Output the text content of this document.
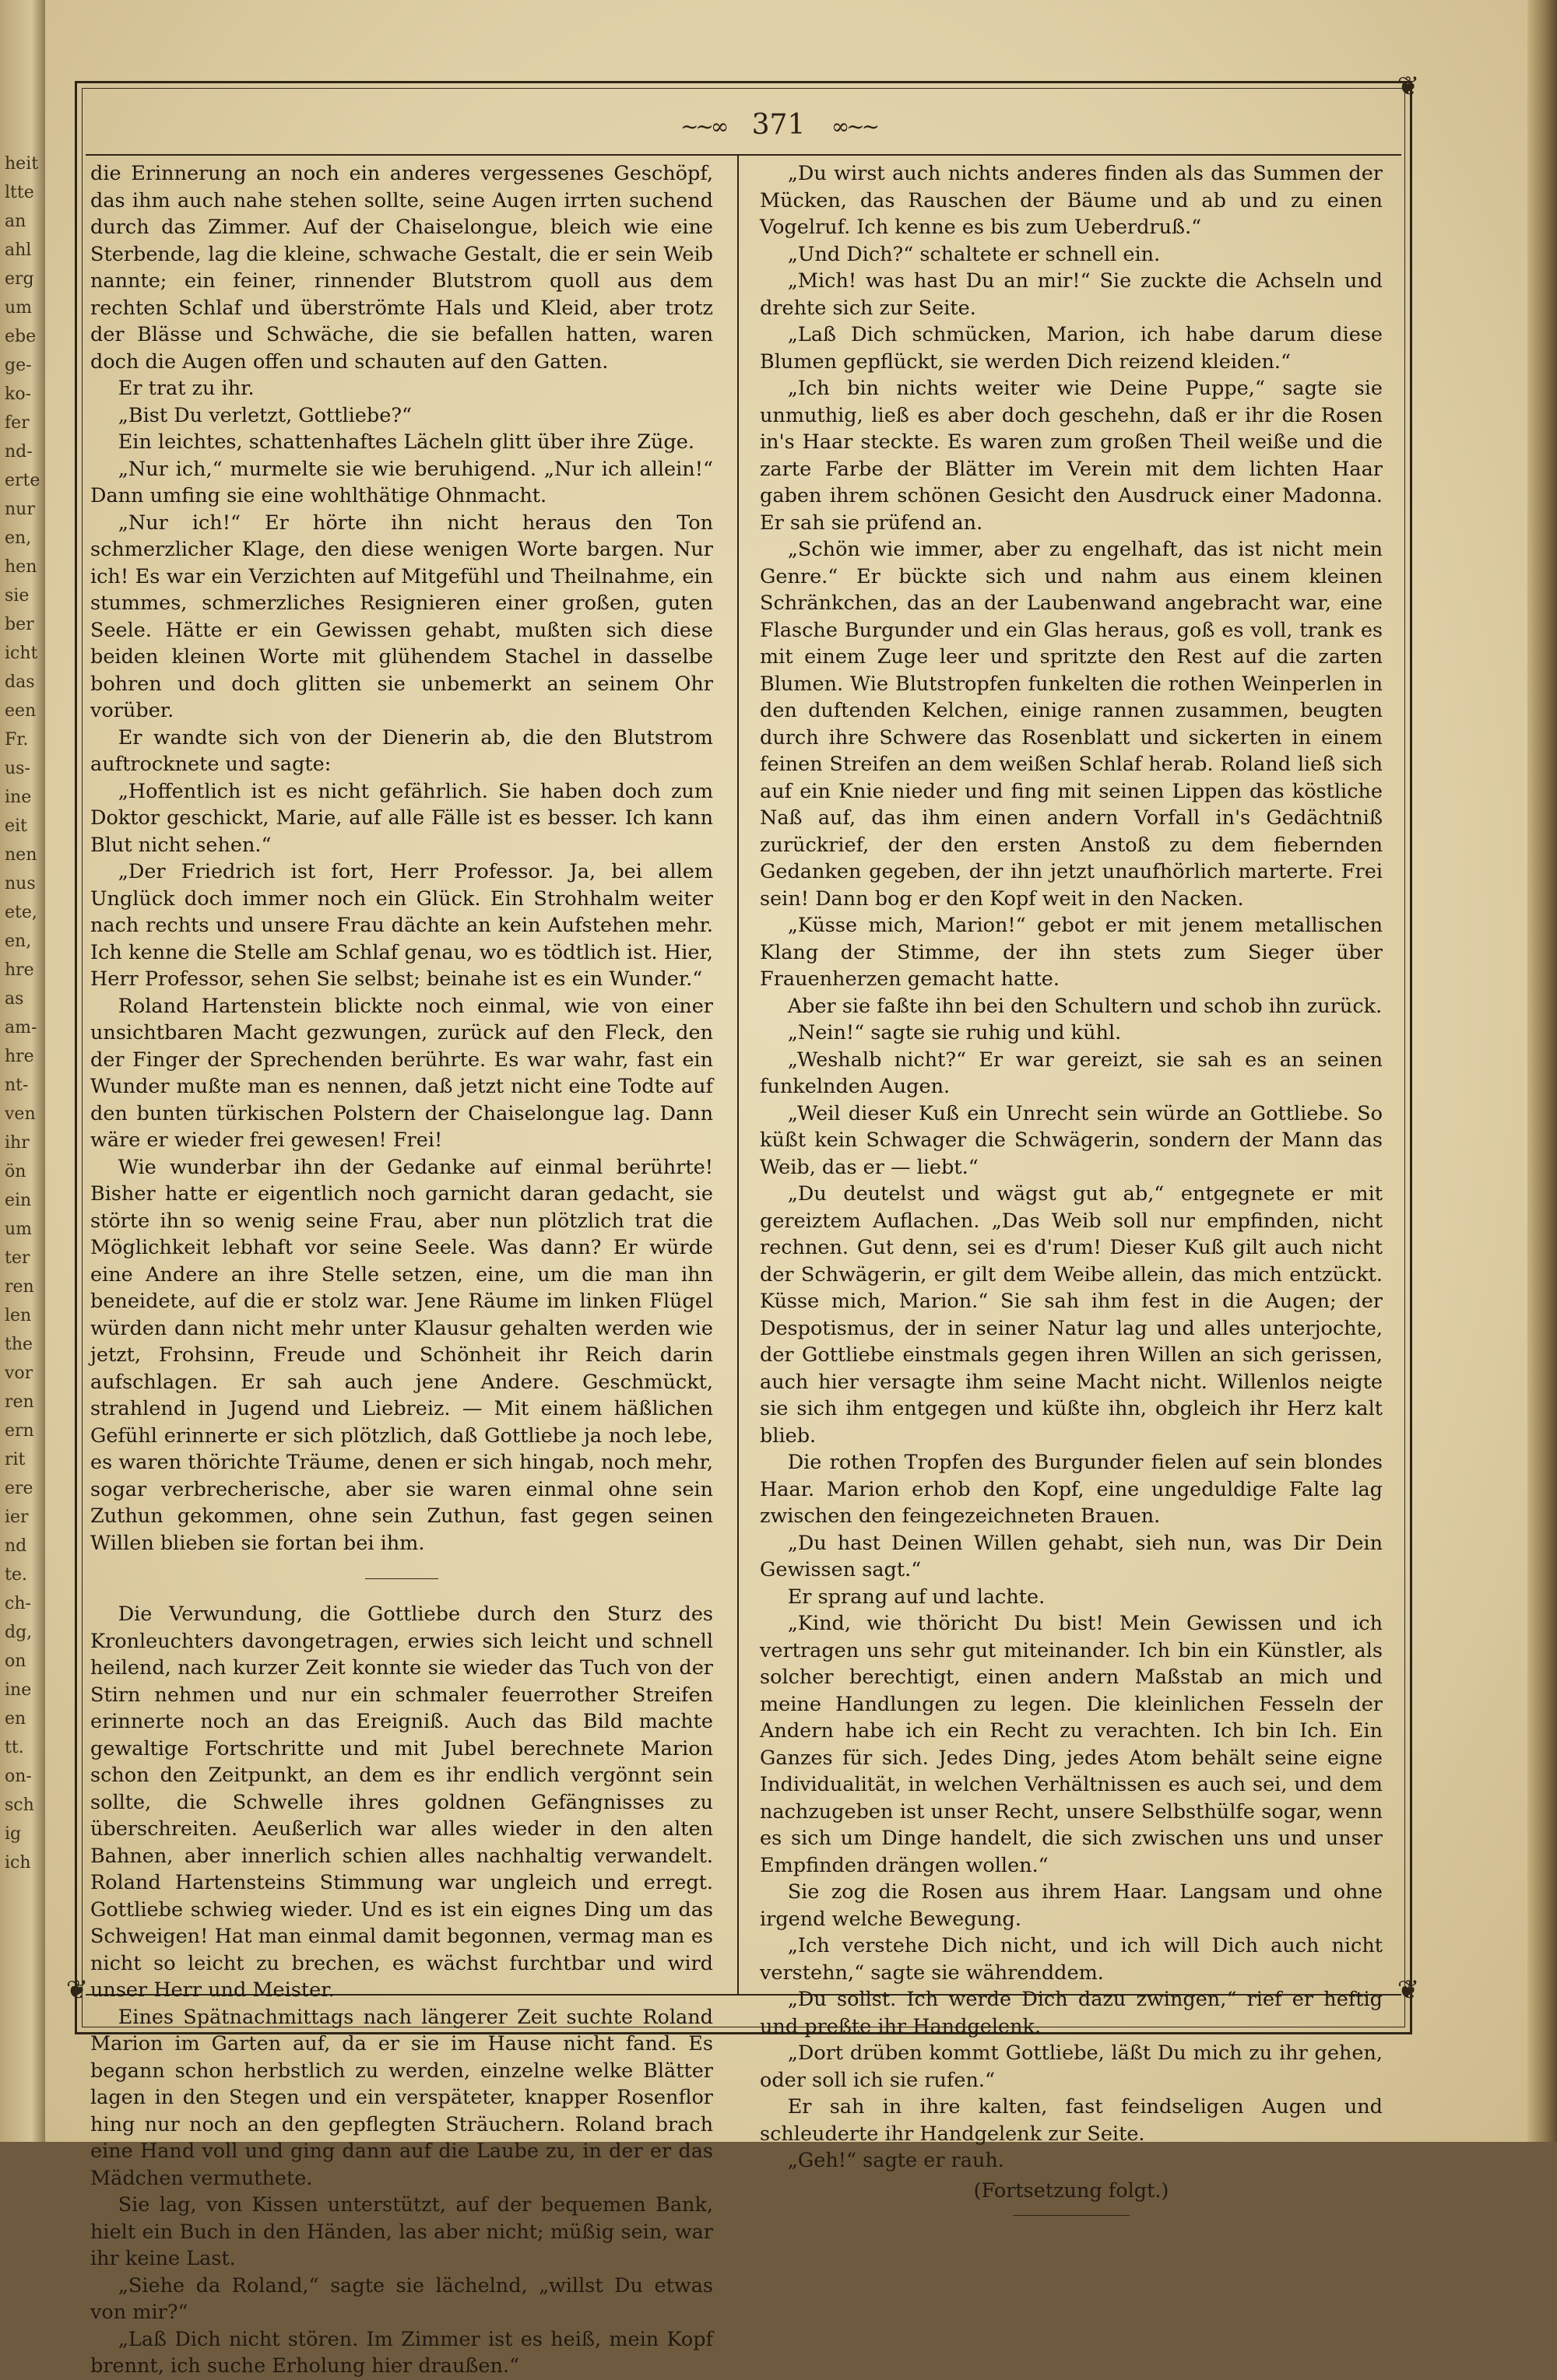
heit
ltte
an
ahl
erg
um
ebe
ge-
ko-
fer
nd-
erte
nur
en,
hen
sie
ber
icht
das
een
Fr.
us-
ine
eit
nen
nus
ete,
en,
hre
as
am-
hre
nt-
ven
ihr
ön
ein
um
ter
ren
len
the
vor
ren
ern
rit
ere
ier
nd
te.
ch-
dg,
on
ine
en
tt.
on-
sch
ig
ich
❦
❦
❦
~~∞ 371 ∞~~

die Erinnerung an noch ein anderes vergessenes Geschöpf, das ihm auch nahe stehen sollte, seine Augen irrten suchend durch das Zimmer. Auf der Chaiselongue, bleich wie eine Sterbende, lag die kleine, schwache Gestalt, die er sein Weib nannte; ein feiner, rinnender Blutstrom quoll aus dem rechten Schlaf und überströmte Hals und Kleid, aber trotz der Blässe und Schwäche, die sie befallen hatten, waren doch die Augen offen und schauten auf den Gatten.

Er trat zu ihr.

„Bist Du verletzt, Gottliebe?“

Ein leichtes, schattenhaftes Lächeln glitt über ihre Züge.

„Nur ich,“ murmelte sie wie beruhigend. „Nur ich allein!“ Dann umfing sie eine wohlthätige Ohnmacht.

„Nur ich!“ Er hörte ihn nicht heraus den Ton schmerzlicher Klage, den diese wenigen Worte bargen. Nur ich! Es war ein Verzichten auf Mitgefühl und Theilnahme, ein stummes, schmerzliches Resignieren einer großen, guten Seele. Hätte er ein Gewissen gehabt, mußten sich diese beiden kleinen Worte mit glühendem Stachel in dasselbe bohren und doch glitten sie unbemerkt an seinem Ohr vorüber.

Er wandte sich von der Dienerin ab, die den Blutstrom auftrocknete und sagte:

„Hoffentlich ist es nicht gefährlich. Sie haben doch zum Doktor geschickt, Marie, auf alle Fälle ist es besser. Ich kann Blut nicht sehen.“

„Der Friedrich ist fort, Herr Professor. Ja, bei allem Unglück doch immer noch ein Glück. Ein Strohhalm weiter nach rechts und unsere Frau dächte an kein Aufstehen mehr. Ich kenne die Stelle am Schlaf genau, wo es tödtlich ist. Hier, Herr Professor, sehen Sie selbst; beinahe ist es ein Wunder.“

Roland Hartenstein blickte noch einmal, wie von einer unsichtbaren Macht gezwungen, zurück auf den Fleck, den der Finger der Sprechenden berührte. Es war wahr, fast ein Wunder mußte man es nennen, daß jetzt nicht eine Todte auf den bunten türkischen Polstern der Chaiselongue lag. Dann wäre er wieder frei gewesen! Frei!

Wie wunderbar ihn der Gedanke auf einmal berührte! Bisher hatte er eigentlich noch garnicht daran gedacht, sie störte ihn so wenig seine Frau, aber nun plötzlich trat die Möglichkeit lebhaft vor seine Seele. Was dann? Er würde eine Andere an ihre Stelle setzen, eine, um die man ihn beneidete, auf die er stolz war. Jene Räume im linken Flügel würden dann nicht mehr unter Klausur gehalten werden wie jetzt, Frohsinn, Freude und Schönheit ihr Reich darin aufschlagen. Er sah auch jene Andere. Geschmückt, strahlend in Jugend und Liebreiz. — Mit einem häßlichen Gefühl erinnerte er sich plötzlich, daß Gottliebe ja noch lebe, es waren thörichte Träume, denen er sich hingab, noch mehr, sogar verbrecherische, aber sie waren einmal ohne sein Zuthun gekommen, ohne sein Zuthun, fast gegen seinen Willen blieben sie fortan bei ihm.

Die Verwundung, die Gottliebe durch den Sturz des Kronleuchters davongetragen, erwies sich leicht und schnell heilend, nach kurzer Zeit konnte sie wieder das Tuch von der Stirn nehmen und nur ein schmaler feuerrother Streifen erinnerte noch an das Ereigniß. Auch das Bild machte gewaltige Fortschritte und mit Jubel berechnete Marion schon den Zeitpunkt, an dem es ihr endlich vergönnt sein sollte, die Schwelle ihres goldnen Gefängnisses zu überschreiten. Aeußerlich war alles wieder in den alten Bahnen, aber innerlich schien alles nachhaltig verwandelt. Roland Hartensteins Stimmung war ungleich und erregt. Gottliebe schwieg wieder. Und es ist ein eignes Ding um das Schweigen! Hat man einmal damit begonnen, vermag man es nicht so leicht zu brechen, es wächst furchtbar und wird unser Herr und Meister.

Eines Spätnachmittags nach längerer Zeit suchte Roland Marion im Garten auf, da er sie im Hause nicht fand. Es begann schon herbstlich zu werden, einzelne welke Blätter lagen in den Stegen und ein verspäteter, knapper Rosenflor hing nur noch an den gepflegten Sträuchern. Roland brach eine Hand voll und ging dann auf die Laube zu, in der er das Mädchen vermuthete.

Sie lag, von Kissen unterstützt, auf der bequemen Bank, hielt ein Buch in den Händen, las aber nicht; müßig sein, war ihr keine Last.

„Siehe da Roland,“ sagte sie lächelnd, „willst Du etwas von mir?“

„Laß Dich nicht stören. Im Zimmer ist es heiß, mein Kopf brennt, ich suche Erholung hier draußen.“

„Du wirst auch nichts anderes finden als das Summen der Mücken, das Rauschen der Bäume und ab und zu einen Vogelruf. Ich kenne es bis zum Ueberdruß.“

„Und Dich?“ schaltete er schnell ein.

„Mich! was hast Du an mir!“ Sie zuckte die Achseln und drehte sich zur Seite.

„Laß Dich schmücken, Marion, ich habe darum diese Blumen gepflückt, sie werden Dich reizend kleiden.“

„Ich bin nichts weiter wie Deine Puppe,“ sagte sie unmuthig, ließ es aber doch geschehn, daß er ihr die Rosen in's Haar steckte. Es waren zum großen Theil weiße und die zarte Farbe der Blätter im Verein mit dem lichten Haar gaben ihrem schönen Gesicht den Ausdruck einer Madonna. Er sah sie prüfend an.

„Schön wie immer, aber zu engelhaft, das ist nicht mein Genre.“ Er bückte sich und nahm aus einem kleinen Schränkchen, das an der Laubenwand angebracht war, eine Flasche Burgunder und ein Glas heraus, goß es voll, trank es mit einem Zuge leer und spritzte den Rest auf die zarten Blumen. Wie Blutstropfen funkelten die rothen Weinperlen in den duftenden Kelchen, einige rannen zusammen, beugten durch ihre Schwere das Rosenblatt und sickerten in einem feinen Streifen an dem weißen Schlaf herab. Roland ließ sich auf ein Knie nieder und fing mit seinen Lippen das köstliche Naß auf, das ihm einen andern Vorfall in's Gedächtniß zurückrief, der den ersten Anstoß zu dem fiebernden Gedanken gegeben, der ihn jetzt unaufhörlich marterte. Frei sein! Dann bog er den Kopf weit in den Nacken.

„Küsse mich, Marion!“ gebot er mit jenem metallischen Klang der Stimme, der ihn stets zum Sieger über Frauenherzen gemacht hatte.

Aber sie faßte ihn bei den Schultern und schob ihn zurück.

„Nein!“ sagte sie ruhig und kühl.

„Weshalb nicht?“ Er war gereizt, sie sah es an seinen funkelnden Augen.

„Weil dieser Kuß ein Unrecht sein würde an Gottliebe. So küßt kein Schwager die Schwägerin, sondern der Mann das Weib, das er — liebt.“

„Du deutelst und wägst gut ab,“ entgegnete er mit gereiztem Auflachen. „Das Weib soll nur empfinden, nicht rechnen. Gut denn, sei es d'rum! Dieser Kuß gilt auch nicht der Schwägerin, er gilt dem Weibe allein, das mich entzückt. Küsse mich, Marion.“ Sie sah ihm fest in die Augen; der Despotismus, der in seiner Natur lag und alles unterjochte, der Gottliebe einstmals gegen ihren Willen an sich gerissen, auch hier versagte ihm seine Macht nicht. Willenlos neigte sie sich ihm entgegen und küßte ihn, obgleich ihr Herz kalt blieb.

Die rothen Tropfen des Burgunder fielen auf sein blondes Haar. Marion erhob den Kopf, eine ungeduldige Falte lag zwischen den feingezeichneten Brauen.

„Du hast Deinen Willen gehabt, sieh nun, was Dir Dein Gewissen sagt.“

Er sprang auf und lachte.

„Kind, wie thöricht Du bist! Mein Gewissen und ich vertragen uns sehr gut miteinander. Ich bin ein Künstler, als solcher berechtigt, einen andern Maßstab an mich und meine Handlungen zu legen. Die kleinlichen Fesseln der Andern habe ich ein Recht zu verachten. Ich bin Ich. Ein Ganzes für sich. Jedes Ding, jedes Atom behält seine eigne Individualität, in welchen Verhältnissen es auch sei, und dem nachzugeben ist unser Recht, unsere Selbsthülfe sogar, wenn es sich um Dinge handelt, die sich zwischen uns und unser Empfinden drängen wollen.“

Sie zog die Rosen aus ihrem Haar. Langsam und ohne irgend welche Bewegung.

„Ich verstehe Dich nicht, und ich will Dich auch nicht verstehn,“ sagte sie währenddem.

„Du sollst. Ich werde Dich dazu zwingen,“ rief er heftig und preßte ihr Handgelenk.

„Dort drüben kommt Gottliebe, läßt Du mich zu ihr gehen, oder soll ich sie rufen.“

Er sah in ihre kalten, fast feindseligen Augen und schleuderte ihr Handgelenk zur Seite.

„Geh!“ sagte er rauh.

(Fortsetzung folgt.)
